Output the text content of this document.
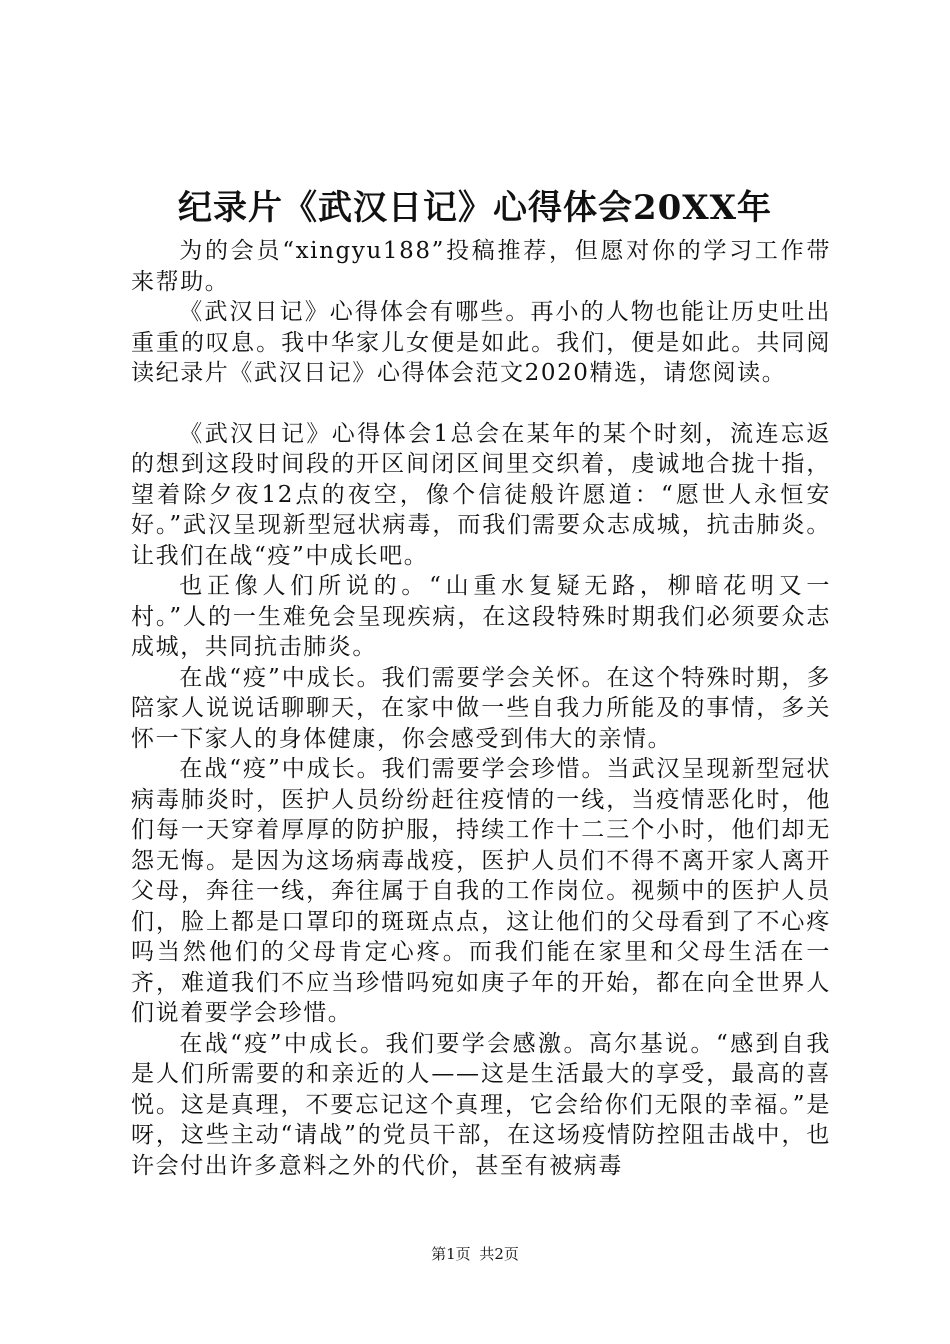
纪录片《武汉日记》心得体会20XX年

为的会员“xingyu188”投稿推荐，但愿对你的学习工作带来帮助。

《武汉日记》心得体会有哪些。再小的人物也能让历史吐出重重的叹息。我中华家儿女便是如此。我们，便是如此。共同阅读纪录片《武汉日记》心得体会范文2020精选，请您阅读。

《武汉日记》心得体会1总会在某年的某个时刻，流连忘返的想到这段时间段的开区间闭区间里交织着，虔诚地合拢十指，望着除夕夜12点的夜空，像个信徒般许愿道：“愿世人永恒安好。”武汉呈现新型冠状病毒，而我们需要众志成城，抗击肺炎。让我们在战“疫”中成长吧。

也正像人们所说的。“山重水复疑无路，柳暗花明又一村。”人的一生难免会呈现疾病，在这段特殊时期我们必须要众志成城，共同抗击肺炎。

在战“疫”中成长。我们需要学会关怀。在这个特殊时期，多陪家人说说话聊聊天，在家中做一些自我力所能及的事情，多关怀一下家人的身体健康，你会感受到伟大的亲情。

在战“疫”中成长。我们需要学会珍惜。当武汉呈现新型冠状病毒肺炎时，医护人员纷纷赶往疫情的一线，当疫情恶化时，他们每一天穿着厚厚的防护服，持续工作十二三个小时，他们却无怨无悔。是因为这场病毒战疫，医护人员们不得不离开家人离开父母，奔往一线，奔往属于自我的工作岗位。视频中的医护人员们，脸上都是口罩印的斑斑点点，这让他们的父母看到了不心疼吗当然他们的父母肯定心疼。而我们能在家里和父母生活在一齐，难道我们不应当珍惜吗宛如庚子年的开始，都在向全世界人们说着要学会珍惜。

在战“疫”中成长。我们要学会感激。高尔基说。“感到自我是人们所需要的和亲近的人——这是生活最大的享受，最高的喜悦。这是真理，不要忘记这个真理，它会给你们无限的幸福。”是呀，这些主动“请战”的党员干部，在这场疫情防控阻击战中，也许会付出许多意料之外的代价，甚至有被病毒

第1页 共2页
